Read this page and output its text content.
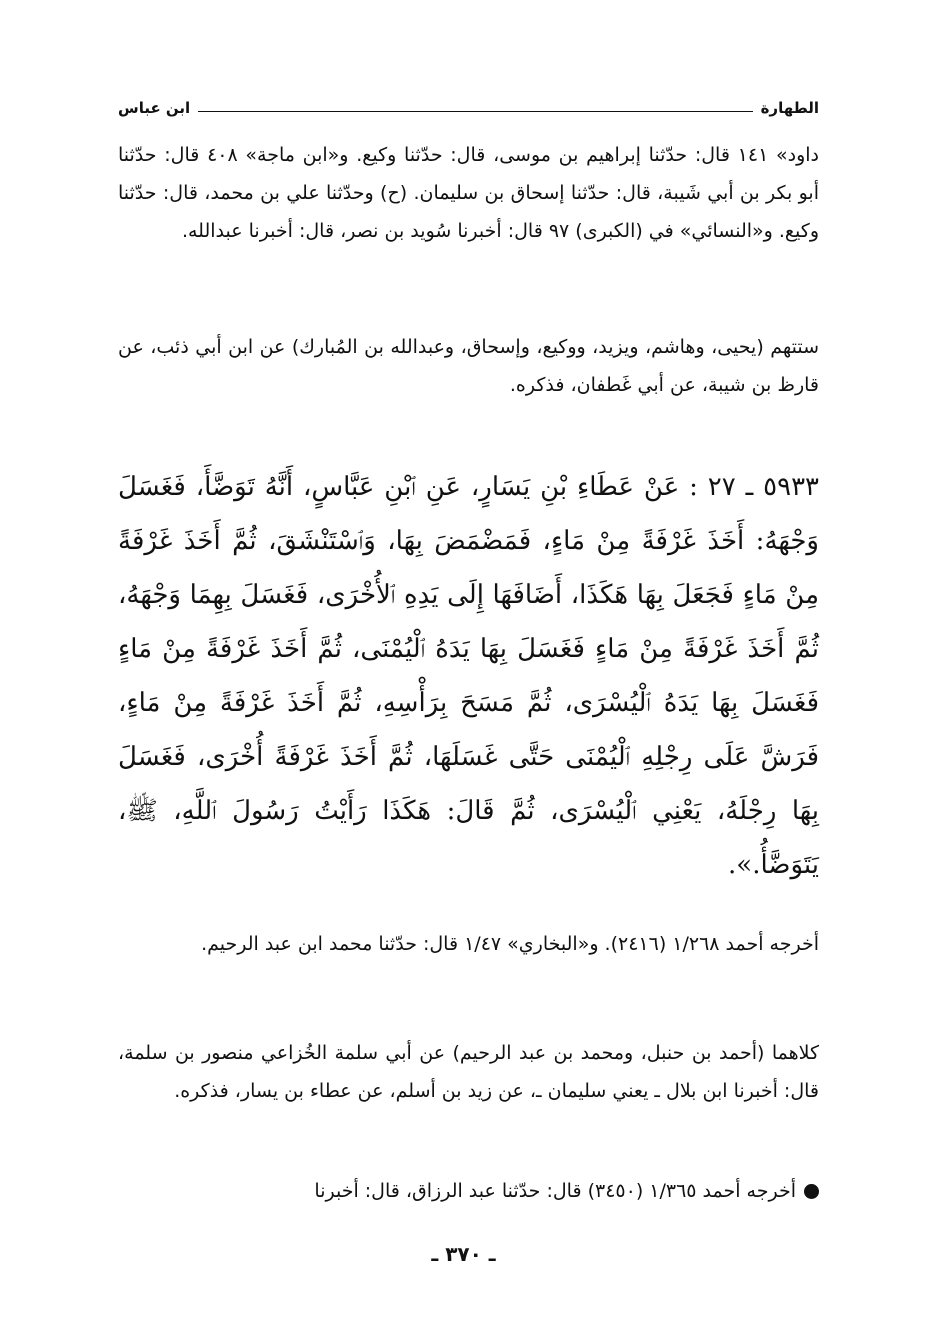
الطهارة
ابن عباس

داود» ١٤١ قال: حدّثنا إبراهيم بن موسى، قال: حدّثنا وكيع. و«ابن ماجة» ٤٠٨ قال: حدّثنا أبو بكر بن أبي شَيبة، قال: حدّثنا إسحاق بن سليمان. (ح) وحدّثنا علي بن محمد، قال: حدّثنا وكيع. و«النسائي» في (الكبرى) ٩٧ قال: أخبرنا سُويد بن نصر، قال: أخبرنا عبدالله.

ستتهم (يحيى، وهاشم، ويزيد، ووكيع، وإسحاق، وعبدالله بن المُبارك) عن ابن أبي ذئب، عن قارظ بن شيبة، عن أبي غَطفان، فذكره.

٥٩٣٣ ـ ٢٧ : عَنْ عَطَاءِ بْنِ يَسَارٍ، عَنِ ٱبْنِ عَبَّاسٍ، أَنَّهُ تَوَضَّأَ، فَغَسَلَ وَجْهَهُ: أَخَذَ غَرْفَةً مِنْ مَاءٍ، فَمَضْمَضَ بِهَا، وَٱسْتَنْشَقَ، ثُمَّ أَخَذَ غَرْفَةً مِنْ مَاءٍ فَجَعَلَ بِهَا هَكَذَا، أَضَافَهَا إِلَى يَدِهِ ٱلأُخْرَى، فَغَسَلَ بِهِمَا وَجْهَهُ، ثُمَّ أَخَذَ غَرْفَةً مِنْ مَاءٍ فَغَسَلَ بِهَا يَدَهُ ٱلْيُمْنَى، ثُمَّ أَخَذَ غَرْفَةً مِنْ مَاءٍ فَغَسَلَ بِهَا يَدَهُ ٱلْيُسْرَى، ثُمَّ مَسَحَ بِرَأْسِهِ، ثُمَّ أَخَذَ غَرْفَةً مِنْ مَاءٍ، فَرَشَّ عَلَى رِجْلِهِ ٱلْيُمْنَى حَتَّى غَسَلَهَا، ثُمَّ أَخَذَ غَرْفَةً أُخْرَى، فَغَسَلَ بِهَا رِجْلَهُ، يَعْنِي ٱلْيُسْرَى، ثُمَّ قَالَ: هَكَذَا رَأَيْتُ رَسُولَ ٱللَّهِ، ﷺ، يَتَوَضَّأُ.».

أخرجه أحمد ١/٢٦٨ (٢٤١٦). و«البخاري» ١/٤٧ قال: حدّثنا محمد ابن عبد الرحيم.

كلاهما (أحمد بن حنبل، ومحمد بن عبد الرحيم) عن أبي سلمة الخُزاعي منصور بن سلمة، قال: أخبرنا ابن بلال ـ يعني سليمان ـ، عن زيد بن أسلم، عن عطاء بن يسار، فذكره.

أخرجه أحمد ١/٣٦٥ (٣٤٥٠) قال: حدّثنا عبد الرزاق، قال: أخبرنا

ـ ٣٧٠ ـ
